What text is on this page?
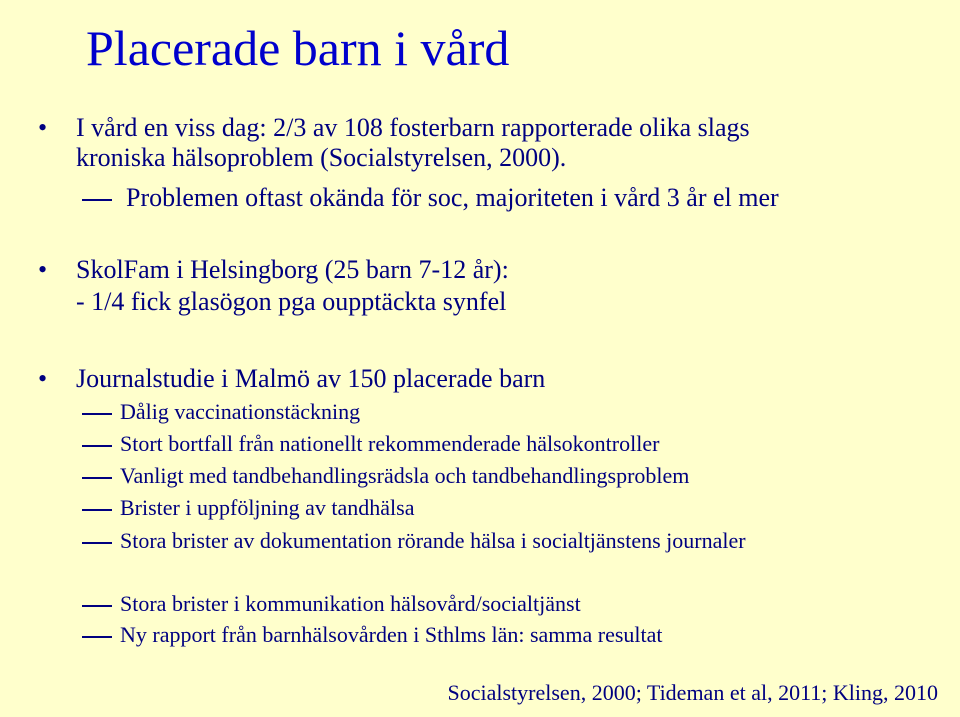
Placerade barn i vård
• I vård en viss dag: 2/3 av 108 fosterbarn rapporterade olika slags
kroniska hälsoproblem (Socialstyrelsen, 2000).
Problemen oftast okända för soc, majoriteten i vård 3 år el mer
• SkolFam i Helsingborg (25 barn 7-12 år):
- 1/4 fick glasögon pga oupptäckta synfel
• Journalstudie i Malmö av 150 placerade barn
Dålig vaccinationstäckning
Stort bortfall från nationellt rekommenderade hälsokontroller
Vanligt med tandbehandlingsrädsla och tandbehandlingsproblem
Brister i uppföljning av tandhälsa
Stora brister av dokumentation rörande hälsa i socialtjänstens journaler
Stora brister i kommunikation hälsovård/socialtjänst
Ny rapport från barnhälsovården i Sthlms län: samma resultat
Socialstyrelsen, 2000; Tideman et al, 2011; Kling, 2010
